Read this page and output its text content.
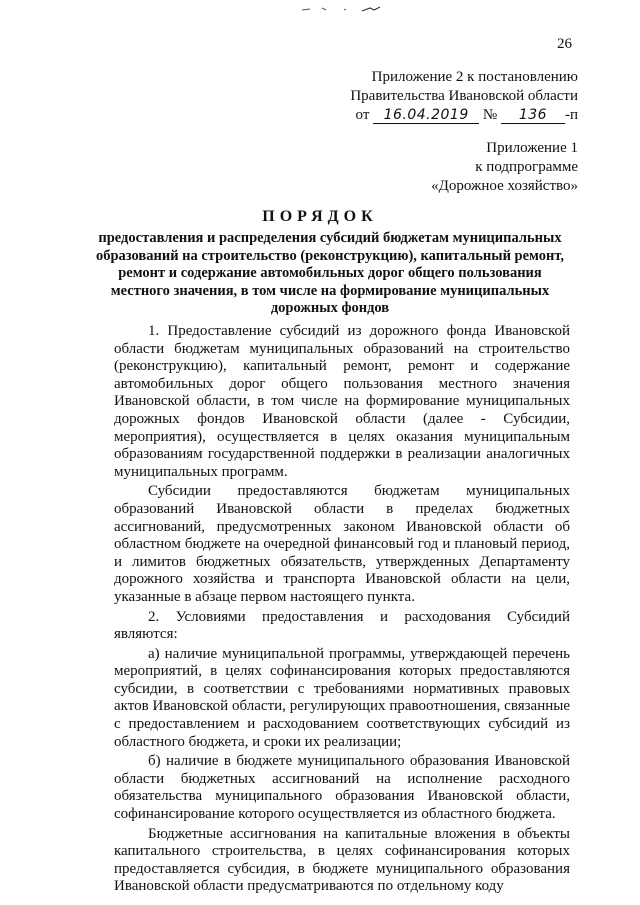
26
Приложение 2 к постановлению
Правительства Ивановской области
от 16.04.2019 № 136 -п
Приложение 1
к подпрограмме
«Дорожное хозяйство»
ПОРЯДОК
предоставления и распределения субсидий бюджетам муниципальных образований на строительство (реконструкцию), капитальный ремонт, ремонт и содержание автомобильных дорог общего пользования местного значения, в том числе на формирование муниципальных дорожных фондов

1. Предоставление субсидий из дорожного фонда Ивановской области бюджетам муниципальных образований на строительство (реконструкцию), капитальный ремонт, ремонт и содержание автомобильных дорог общего пользования местного значения Ивановской области, в том числе на формирование муниципальных дорожных фондов Ивановской области (далее - Субсидии, мероприятия), осуществляется в целях оказания муниципальным образованиям государственной поддержки в реализации аналогичных муниципальных программ.

Субсидии предоставляются бюджетам муниципальных образований Ивановской области в пределах бюджетных ассигнований, предусмотренных законом Ивановской области об областном бюджете на очередной финансовый год и плановый период, и лимитов бюджетных обязательств, утвержденных Департаменту дорожного хозяйства и транспорта Ивановской области на цели, указанные в абзаце первом настоящего пункта.

2. Условиями предоставления и расходования Субсидий являются:

а) наличие муниципальной программы, утверждающей перечень мероприятий, в целях софинансирования которых предоставляются субсидии, в соответствии с требованиями нормативных правовых актов Ивановской области, регулирующих правоотношения, связанные с предоставлением и расходованием соответствующих субсидий из областного бюджета, и сроки их реализации;

б) наличие в бюджете муниципального образования Ивановской области бюджетных ассигнований на исполнение расходного обязательства муниципального образования Ивановской области, софинансирование которого осуществляется из областного бюджета.

Бюджетные ассигнования на капитальные вложения в объекты капитального строительства, в целях софинансирования которых предоставляется субсидия, в бюджете муниципального образования Ивановской области предусматриваются по отдельному коду
